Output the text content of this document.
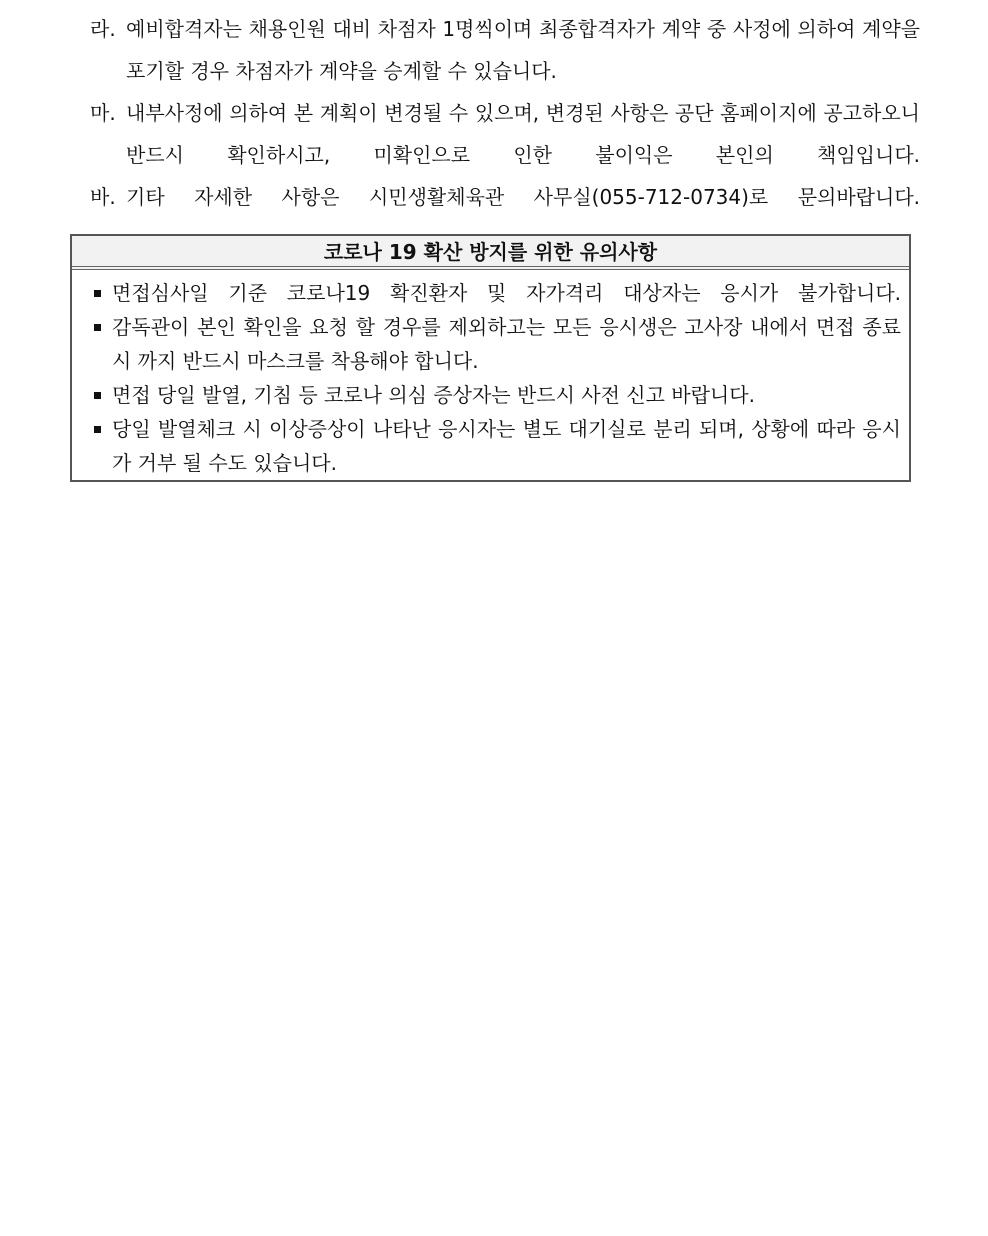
라. 예비합격자는 채용인원 대비 차점자 1명씩이며 최종합격자가 계약 중 사정에 의하여 계약을 포기할 경우 차점자가 계약을 승계할 수 있습니다.
마. 내부사정에 의하여 본 계획이 변경될 수 있으며, 변경된 사항은 공단 홈페이지에 공고하오니 반드시 확인하시고, 미확인으로 인한 불이익은 본인의 책임입니다.
바. 기타 자세한 사항은 시민생활체육관 사무실(055-712-0734)로 문의바랍니다.
코로나 19 확산 방지를 위한 유의사항
면접심사일 기준 코로나19 확진환자 및 자가격리 대상자는 응시가 불가합니다.
감독관이 본인 확인을 요청 할 경우를 제외하고는 모든 응시생은 고사장 내에서 면접 종료시 까지 반드시 마스크를 착용해야 합니다.
면접 당일 발열, 기침 등 코로나 의심 증상자는 반드시 사전 신고 바랍니다.
당일 발열체크 시 이상증상이 나타난 응시자는 별도 대기실로 분리 되며, 상황에 따라 응시가 거부 될 수도 있습니다.
